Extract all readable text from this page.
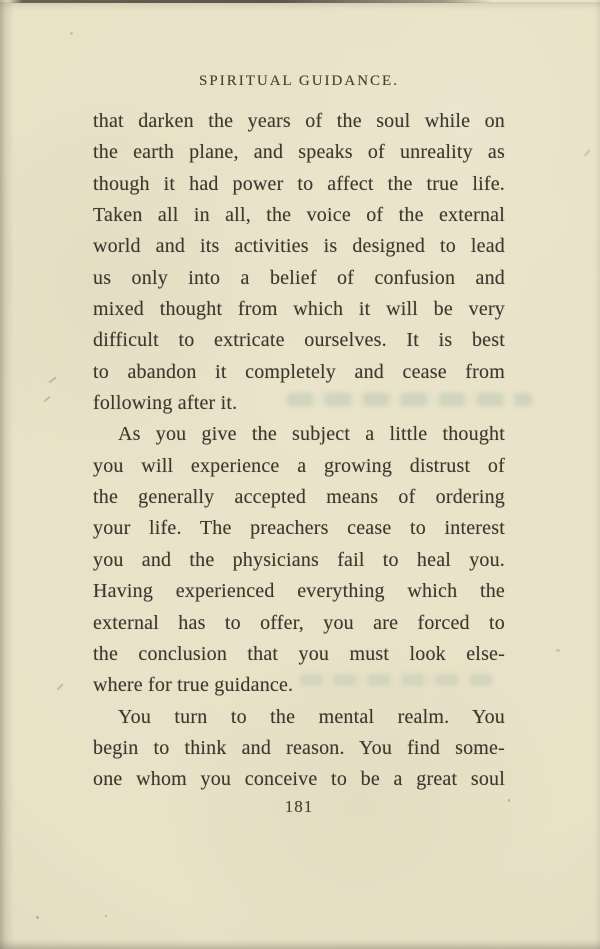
SPIRITUAL GUIDANCE.
that darken the years of the soul while on
the earth plane, and speaks of unreality as
though it had power to affect the true life.
Taken all in all, the voice of the external
world and its activities is designed to lead
us only into a belief of confusion and
mixed thought from which it will be very
difficult to extricate ourselves. It is best
to abandon it completely and cease from
following after it.
As you give the subject a little thought
you will experience a growing distrust of
the generally accepted means of ordering
your life. The preachers cease to interest
you and the physicians fail to heal you.
Having experienced everything which the
external has to offer, you are forced to
the conclusion that you must look else-
where for true guidance.
You turn to the mental realm. You
begin to think and reason. You find some-
one whom you conceive to be a great soul
181
